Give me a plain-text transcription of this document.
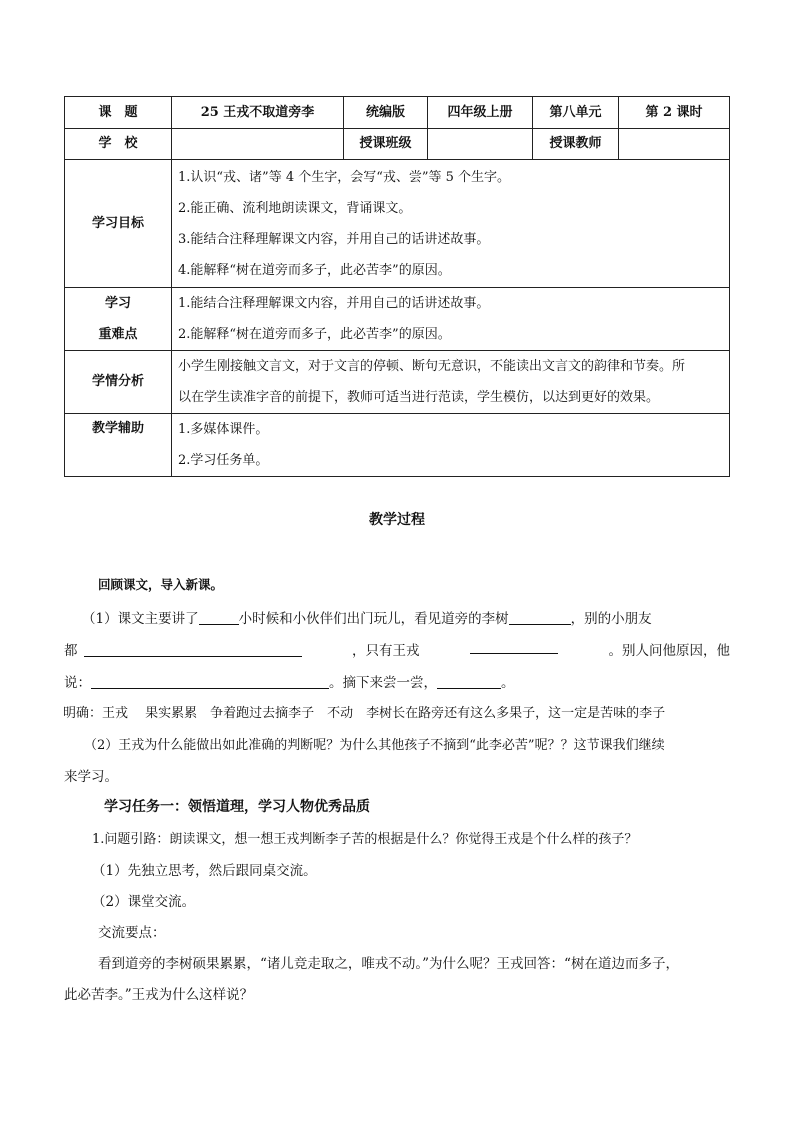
课　题	25 王戎不取道旁李	统编版	四年级上册	第八单元	第 2 课时
学　校		授课班级		授课教师	
学习目标	1.认识“戎、诸”等 4 个生字，会写“戎、尝”等 5 个生字。
2.能正确、流利地朗读课文，背诵课文。
3.能结合注释理解课文内容，并用自己的话讲述故事。
4.能解释“树在道旁而多子，此必苦李”的原因。				

学习
重难点	1.能结合注释理解课文内容，并用自己的话讲述故事。
2.能解释“树在道旁而多子，此必苦李”的原因。				

学情分析	小学生刚接触文言文，对于文言的停顿、断句无意识，不能读出文言文的韵律和节奏。所
以在学生读准字音的前提下，教师可适当进行范读，学生模仿，以达到更好的效果。				

教学辅助	1.多媒体课件。
2.学习任务单。				
教学过程
回顾课文，导入新课。
（1）课文主要讲了	小时候和小伙伴们出门玩儿，看见道旁的李树	，别的小朋友
都	，只有王戎	。别人问他原因，他
说：	。摘下来尝一尝，	。
明确：王戎　 果实累累　争着跑过去摘李子　不动　李树长在路旁还有这么多果子，这一定是苦味的李子
（2）王戎为什么能做出如此准确的判断呢？为什么其他孩子不摘到“此李必苦”呢？？这节课我们继续
来学习。
学习任务一：领悟道理，学习人物优秀品质
1.问题引路：朗读课文，想一想王戎判断李子苦的根据是什么？你觉得王戎是个什么样的孩子？
（1）先独立思考，然后跟同桌交流。
（2）课堂交流。
交流要点：
看到道旁的李树硕果累累，“诸儿竞走取之，唯戎不动。”为什么呢？王戎回答：“树在道边而多子，
此必苦李。”王戎为什么这样说？
